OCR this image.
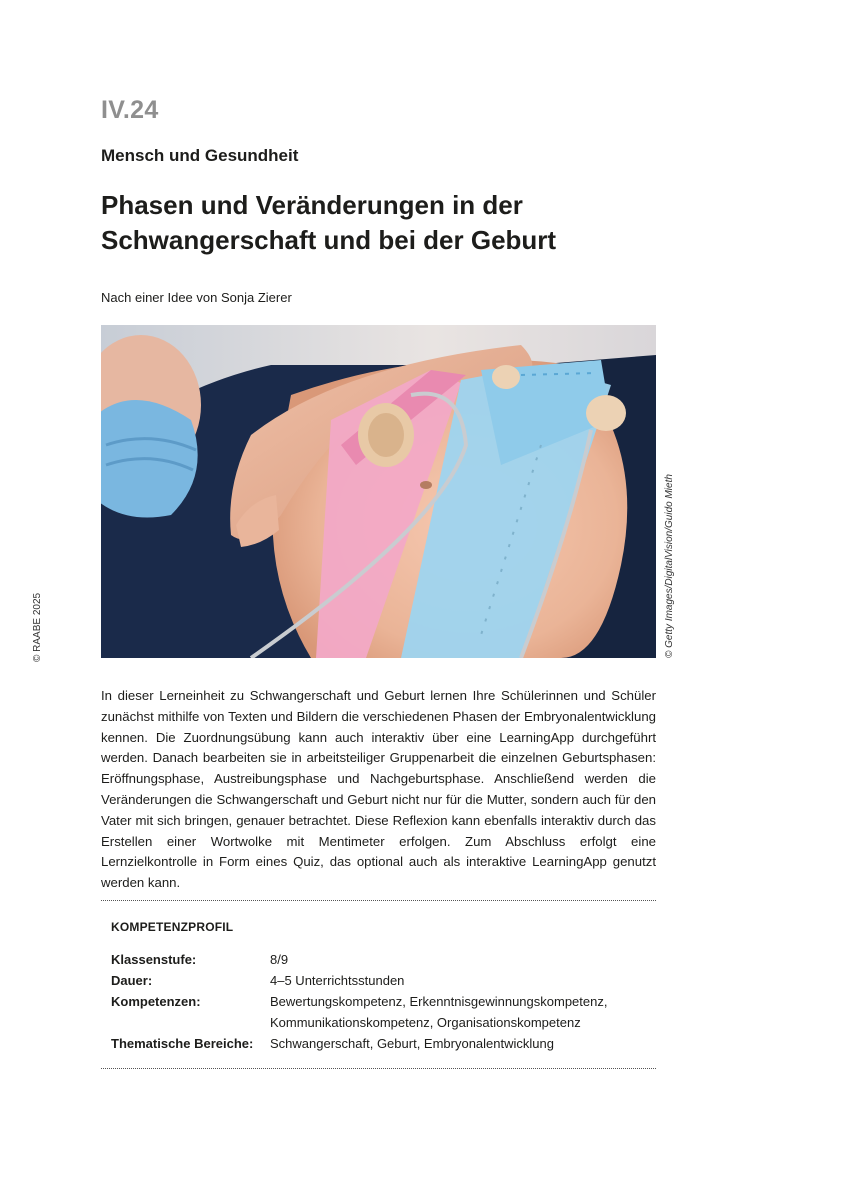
IV.24
Mensch und Gesundheit
Phasen und Veränderungen in der Schwangerschaft und bei der Geburt
Nach einer Idee von Sonja Zierer
© RAABE 2025	© Getty Images/DigitalVision/Guido Mieth

In dieser Lerneinheit zu Schwangerschaft und Geburt lernen Ihre Schülerinnen und Schüler zunächst mithilfe von Texten und Bildern die verschiedenen Phasen der Embryonalentwicklung kennen. Die Zuordnungsübung kann auch interaktiv über eine LearningApp durchgeführt werden. Danach bearbeiten sie in arbeitsteiliger Gruppenarbeit die einzelnen Geburtsphasen: Eröffnungsphase, Austreibungsphase und Nachgeburtsphase. Anschließend werden die Veränderungen die Schwangerschaft und Geburt nicht nur für die Mutter, sondern auch für den Vater mit sich bringen, genauer betrachtet. Diese Reflexion kann ebenfalls interaktiv durch das Erstellen einer Wortwolke mit Mentimeter erfolgen. Zum Abschluss erfolgt eine Lernzielkontrolle in Form eines Quiz, das optional auch als interaktive LearningApp genutzt werden kann.

KOMPETENZPROFIL
Klassenstufe:	8/9
Dauer:	4–5 Unterrichtsstunden
Kompetenzen:	Bewertungskompetenz, Erkenntnisgewinnungskompetenz,
Kommunikationskompetenz, Organisationskompetenz

Thematische Bereiche:	Schwangerschaft, Geburt, Embryonalentwicklung
